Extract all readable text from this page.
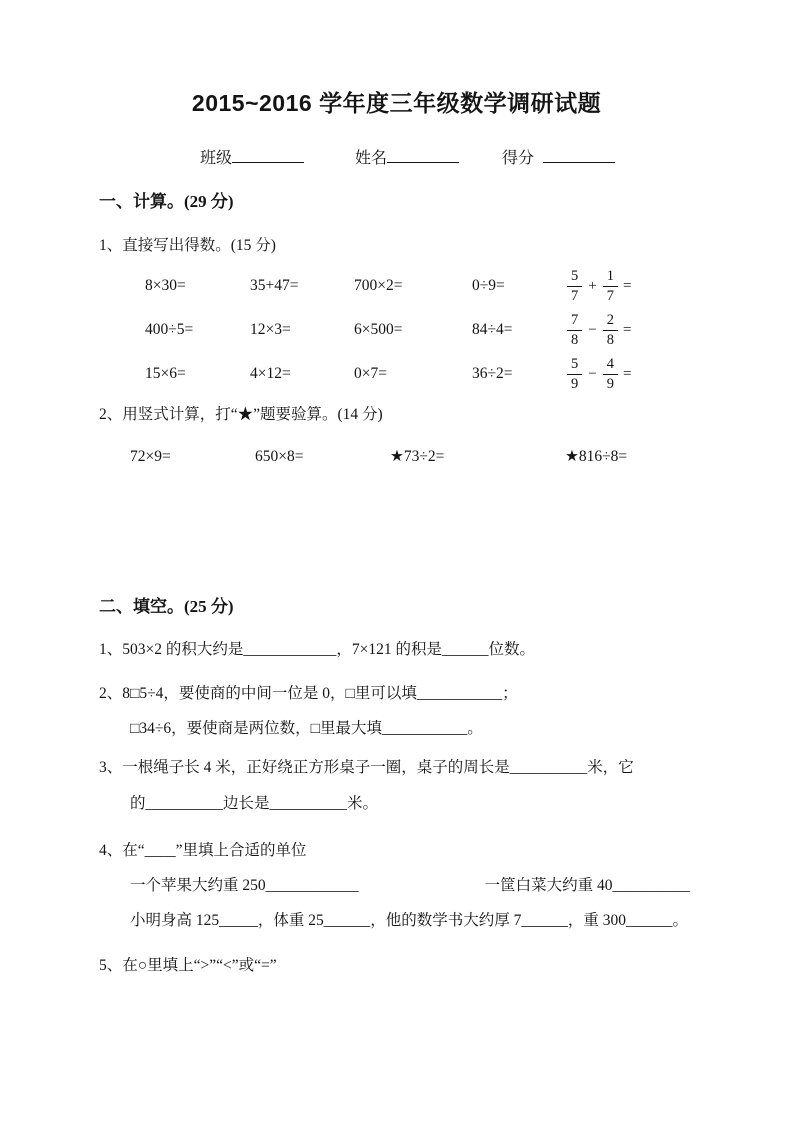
2015~2016 学年度三年级数学调研试题
班级	姓名	得分
一、计算。(29 分)

1、直接写出得数。(15 分)

8×30=	35+47=	700×2=	0÷9=	$\frac{5}{7} + \frac{1}{7}$ =
400÷5=	12×3=	6×500=	84÷4=	$\frac{7}{8} - \frac{2}{8}$ =
15×6=	4×12=	0×7=	36÷2=	$\frac{5}{9} - \frac{4}{9}$ =

2、用竖式计算，打“★”题要验算。(14 分)

72×9=	650×8=	★73÷2=	★816÷8=
二、填空。(25 分)

1、503×2 的积大约是____________，7×121 的积是______位数。

2、8□5÷4，要使商的中间一位是 0，□里可以填___________；

□34÷6，要使商是两位数，□里最大填___________。

3、一根绳子长 4 米，正好绕正方形桌子一圈，桌子的周长是__________米，它

的__________边长是__________米。

4、在“____”里填上合适的单位

一个苹果大约重 250____________	一筐白菜大约重 40__________

小明身高 125_____，体重 25______，他的数学书大约厚 7______，重 300______。

5、在○里填上“>”“<”或“=”
